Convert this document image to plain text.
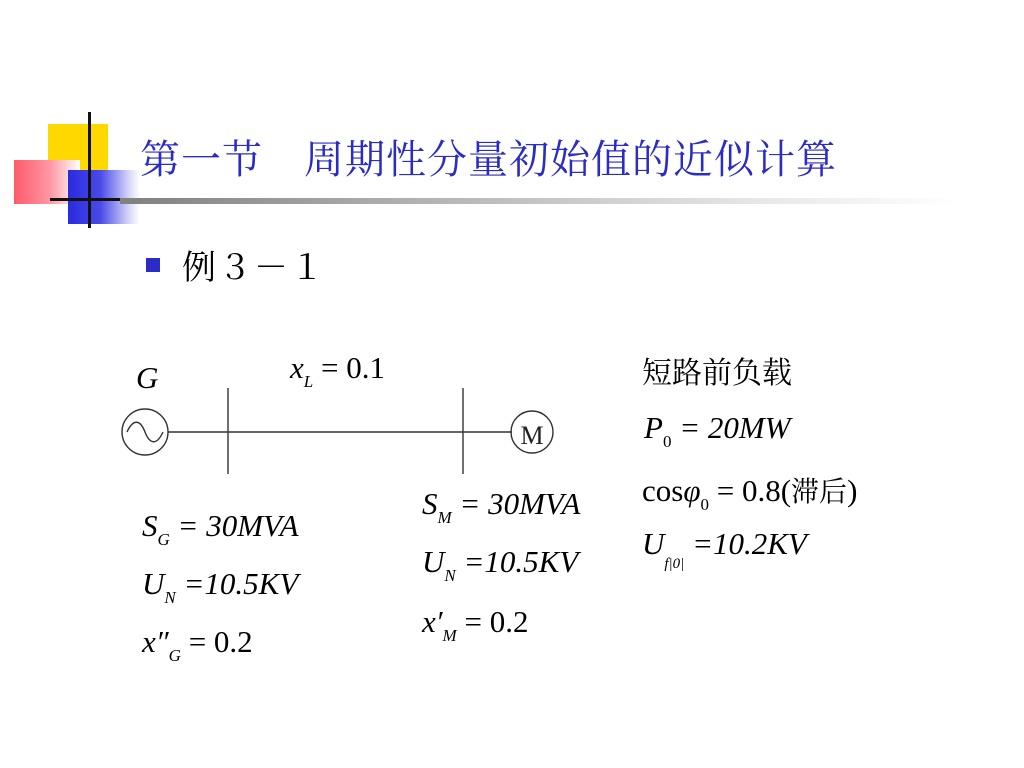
第一节　周期性分量初始值的近似计算
例３－１
M
G	$x_L = 0.1$
$S_G = 30MVA$
$U_N =10.5KV$
$x''_G = 0.2$
$S_M = 30MVA$
$U_N =10.5KV$
$x'_M = 0.2$
短路前负载
$P_0 = 20MW$
cosφ$_0$ = 0.8(滞后)
$U_{f|0|} =10.2KV$
